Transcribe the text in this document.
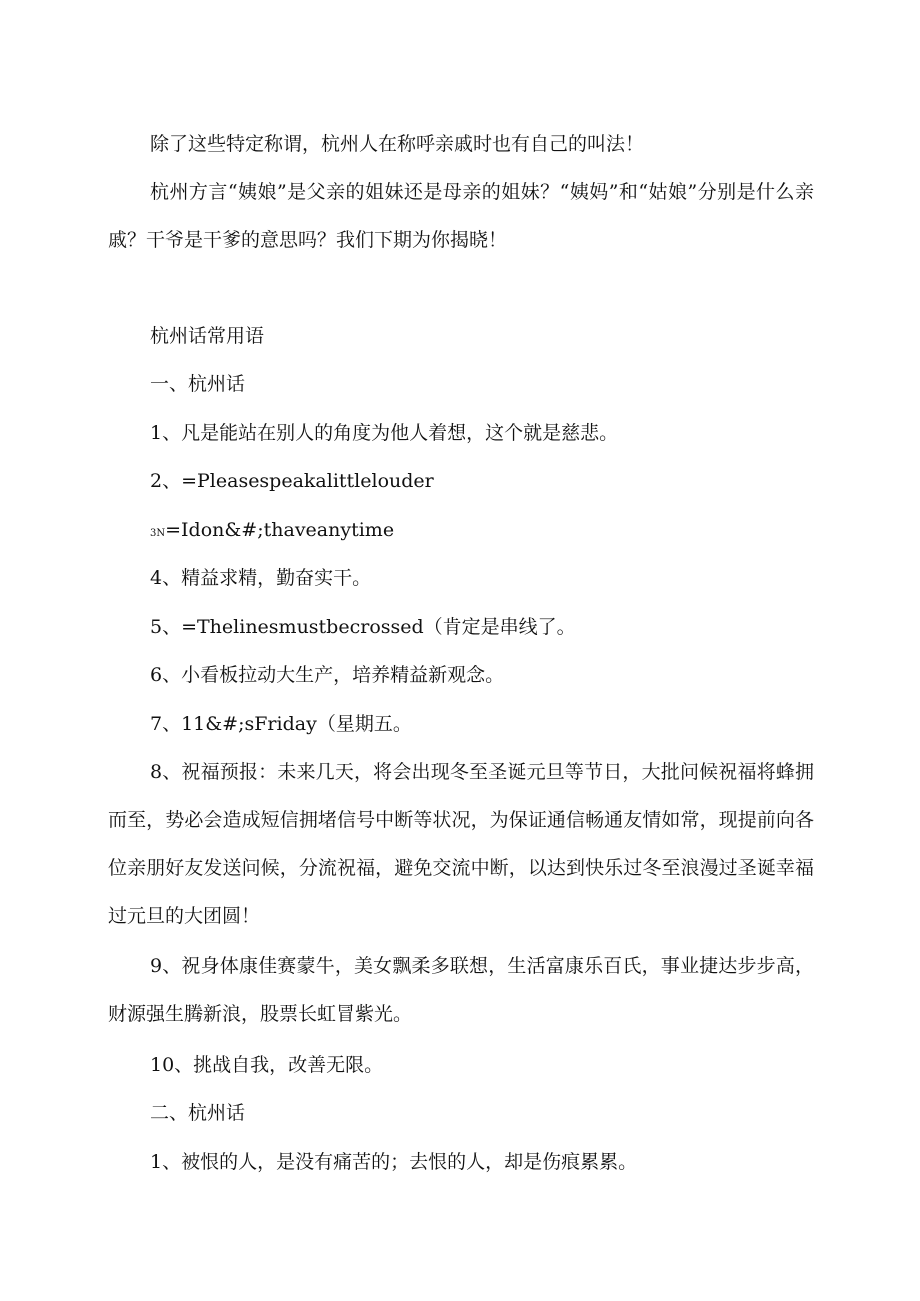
除了这些特定称谓，杭州人在称呼亲戚时也有自己的叫法！

杭州方言“姨娘”是父亲的姐妹还是母亲的姐妹？“姨妈”和“姑娘”分别是什么亲戚？干爷是干爹的意思吗？我们下期为你揭晓！

杭州话常用语

一、杭州话

1、凡是能站在别人的角度为他人着想，这个就是慈悲。

2、=Pleasespeakalittlelouder

3N=Idon&#;thaveanytime

4、精益求精，勤奋实干。

5、=Thelinesmustbecrossed（肯定是串线了。

6、小看板拉动大生产，培养精益新观念。

7、11&#;sFriday（星期五。

8、祝福预报：未来几天，将会出现冬至圣诞元旦等节日，大批问候祝福将蜂拥而至，势必会造成短信拥堵信号中断等状况，为保证通信畅通友情如常，现提前向各位亲朋好友发送问候，分流祝福，避免交流中断，以达到快乐过冬至浪漫过圣诞幸福过元旦的大团圆！

9、祝身体康佳赛蒙牛，美女飘柔多联想，生活富康乐百氏，事业捷达步步高，财源强生腾新浪，股票长虹冒紫光。

10、挑战自我，改善无限。

二、杭州话

1、被恨的人，是没有痛苦的；去恨的人，却是伤痕累累。
